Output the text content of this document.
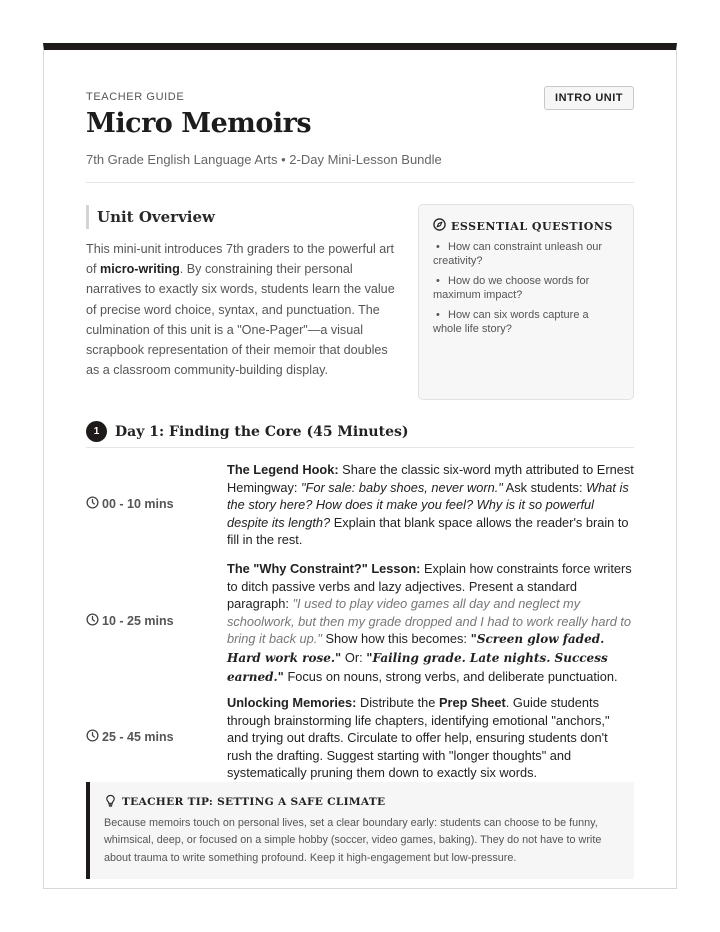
TEACHER GUIDE	INTRO UNIT
Micro Memoirs
7th Grade English Language Arts • 2-Day Mini-Lesson Bundle
Unit Overview

This mini-unit introduces 7th graders to the powerful art of micro-writing. By constraining their personal narratives to exactly six words, students learn the value of precise word choice, syntax, and punctuation. The culmination of this unit is a "One-Pager"—a visual scrapbook representation of their memoir that doubles as a classroom community-building display.

ESSENTIAL QUESTIONS
• How can constraint unleash our creativity?
• How do we choose words for maximum impact?
• How can six words capture a whole life story?
1	Day 1: Finding the Core (45 Minutes)
00 - 10 mins
The Legend Hook: Share the classic six-word myth attributed to Ernest Hemingway: "For sale: baby shoes, never worn." Ask students: What is the story here? How does it make you feel? Why is it so powerful despite its length? Explain that blank space allows the reader's brain to fill in the rest.
10 - 25 mins
The "Why Constraint?" Lesson: Explain how constraints force writers to ditch passive verbs and lazy adjectives. Present a standard paragraph: "I used to play video games all day and neglect my schoolwork, but then my grade dropped and I had to work really hard to bring it back up." Show how this becomes: "Screen glow faded. Hard work rose." Or: "Failing grade. Late nights. Success earned." Focus on nouns, strong verbs, and deliberate punctuation.
25 - 45 mins
Unlocking Memories: Distribute the Prep Sheet. Guide students through brainstorming life chapters, identifying emotional "anchors," and trying out drafts. Circulate to offer help, ensuring students don't rush the drafting. Suggest starting with "longer thoughts" and systematically pruning them down to exactly six words.
TEACHER TIP: SETTING A SAFE CLIMATE

Because memoirs touch on personal lives, set a clear boundary early: students can choose to be funny, whimsical, deep, or focused on a simple hobby (soccer, video games, baking). They do not have to write about trauma to write something profound. Keep it high-engagement but low-pressure.
